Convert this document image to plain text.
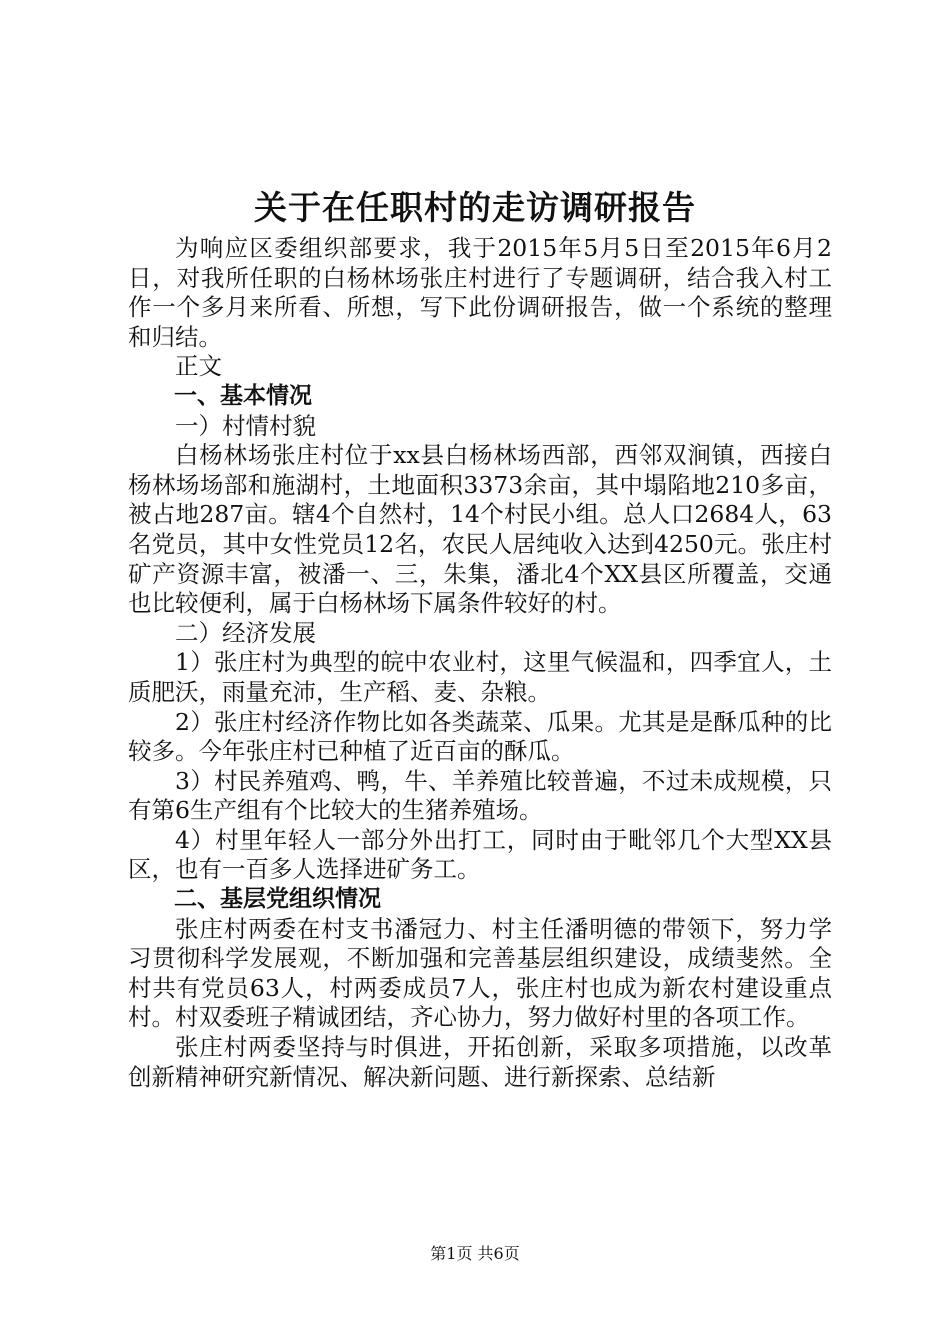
关于在任职村的走访调研报告

为响应区委组织部要求，我于2015年5月5日至2015年6月2日，对我所任职的白杨林场张庄村进行了专题调研，结合我入村工作一个多月来所看、所想，写下此份调研报告，做一个系统的整理和归结。

正文

一、基本情况

一）村情村貌

白杨林场张庄村位于xx县白杨林场西部，西邻双涧镇，西接白杨林场场部和施湖村，土地面积3373余亩，其中塌陷地210多亩，被占地287亩。辖4个自然村，14个村民小组。总人口2684人，63名党员，其中女性党员12名，农民人居纯收入达到4250元。张庄村矿产资源丰富，被潘一、三，朱集，潘北4个XX县区所覆盖，交通也比较便利，属于白杨林场下属条件较好的村。

二）经济发展

1）张庄村为典型的皖中农业村，这里气候温和，四季宜人，土质肥沃，雨量充沛，生产稻、麦、杂粮。

2）张庄村经济作物比如各类蔬菜、瓜果。尤其是是酥瓜种的比较多。今年张庄村已种植了近百亩的酥瓜。

3）村民养殖鸡、鸭，牛、羊养殖比较普遍，不过未成规模，只有第6生产组有个比较大的生猪养殖场。

4）村里年轻人一部分外出打工，同时由于毗邻几个大型XX县区，也有一百多人选择进矿务工。

二、基层党组织情况

张庄村两委在村支书潘冠力、村主任潘明德的带领下，努力学习贯彻科学发展观，不断加强和完善基层组织建设，成绩斐然。全村共有党员63人，村两委成员7人，张庄村也成为新农村建设重点村。村双委班子精诚团结，齐心协力，努力做好村里的各项工作。

张庄村两委坚持与时俱进，开拓创新，采取多项措施，以改革创新精神研究新情况、解决新问题、进行新探索、总结新

第1页 共6页
